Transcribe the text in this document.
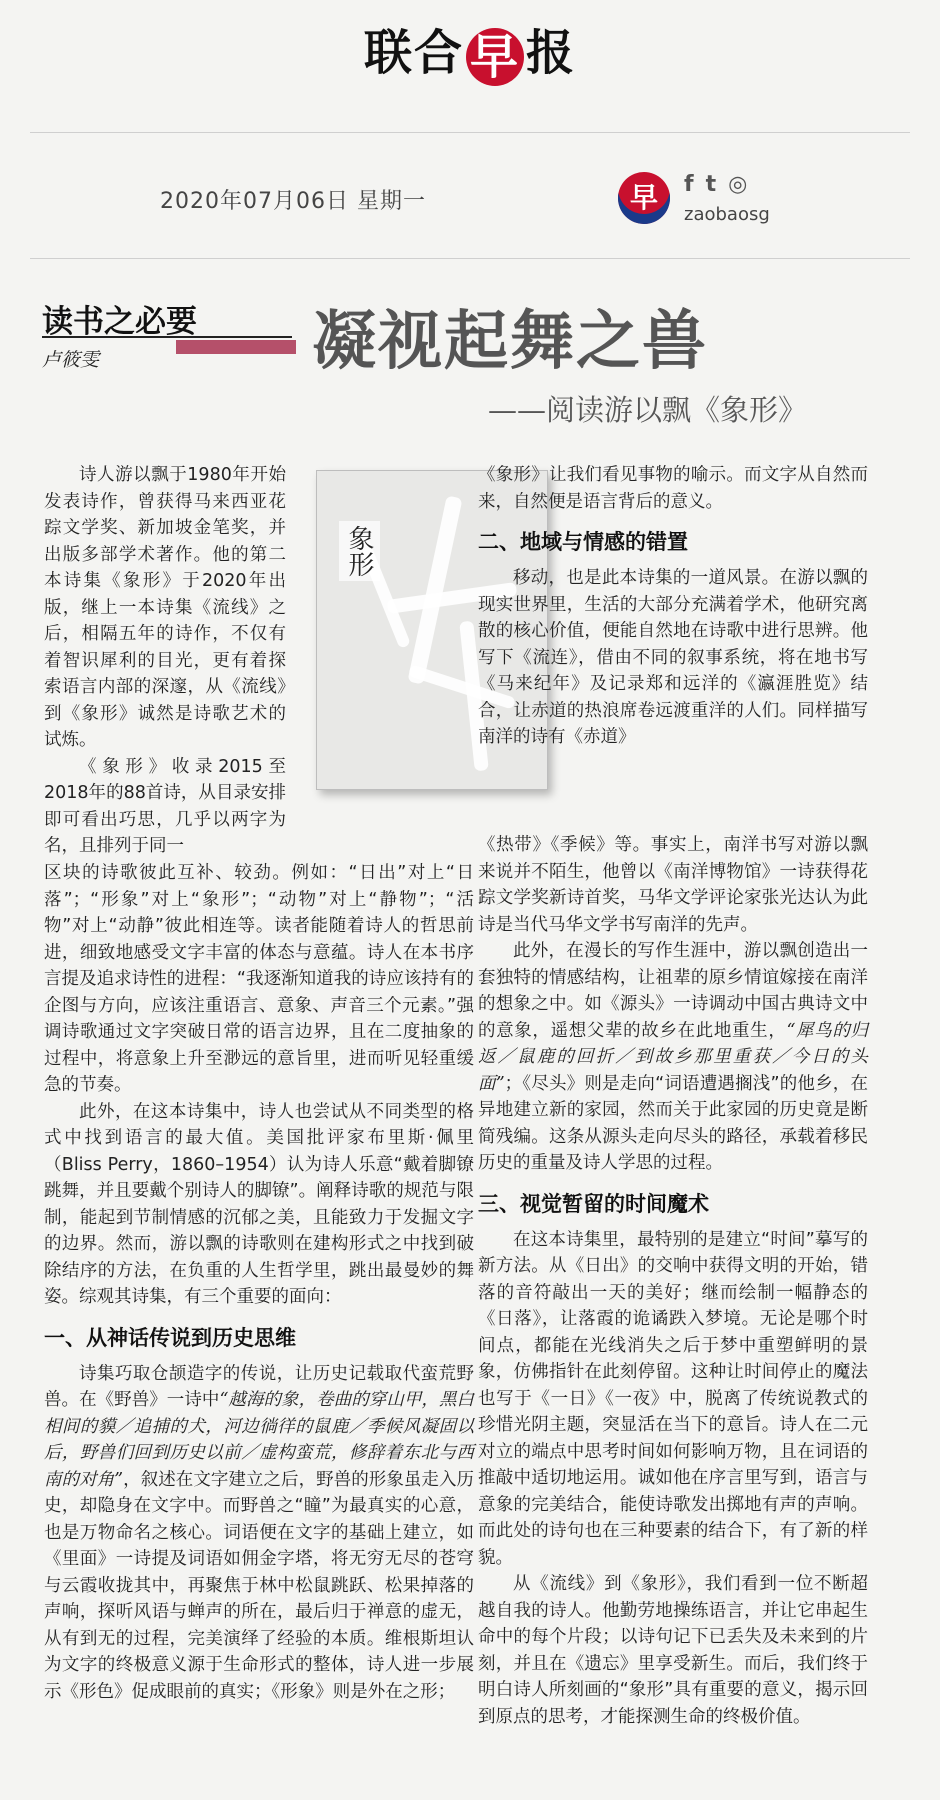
联合 早 报
2020年07月06日 星期一	早	f t ◎
zaobaosg
读书之必要
卢筱雯	凝视起舞之兽
——阅读游以飘《象形》
象形

诗人游以飘于1980年开始发表诗作，曾获得马来西亚花踪文学奖、新加坡金笔奖，并出版多部学术著作。他的第二本诗集《象形》于2020年出版，继上一本诗集《流线》之后，相隔五年的诗作，不仅有着智识犀利的目光，更有着探索语言内部的深邃，从《流线》到《象形》诚然是诗歌艺术的试炼。

《象形》收录2015至2018年的88首诗，从目录安排即可看出巧思，几乎以两字为名，且排列于同一

区块的诗歌彼此互补、较劲。例如：“日出”对上“日落”；“形象”对上“象形”；“动物”对上“静物”；“活物”对上“动静”彼此相连等。读者能随着诗人的哲思前进，细致地感受文字丰富的体态与意蕴。诗人在本书序言提及追求诗性的进程：“我逐渐知道我的诗应该持有的企图与方向，应该注重语言、意象、声音三个元素。”强调诗歌通过文字突破日常的语言边界，且在二度抽象的过程中，将意象上升至渺远的意旨里，进而听见轻重缓急的节奏。

此外，在这本诗集中，诗人也尝试从不同类型的格式中找到语言的最大值。美国批评家布里斯·佩里（Bliss Perry，1860–1954）认为诗人乐意“戴着脚镣跳舞，并且要戴个别诗人的脚镣”。阐释诗歌的规范与限制，能起到节制情感的沉郁之美，且能致力于发掘文字的边界。然而，游以飘的诗歌则在建构形式之中找到破除结序的方法，在负重的人生哲学里，跳出最曼妙的舞姿。综观其诗集，有三个重要的面向：

一、从神话传说到历史思维

诗集巧取仓颉造字的传说，让历史记载取代蛮荒野兽。在《野兽》一诗中“越海的象，卷曲的穿山甲，黑白相间的貘／追捕的犬，河边徜徉的鼠鹿／季候风凝固以后，野兽们回到历史以前／虚构蛮荒，修辞着东北与西南的对角”，叙述在文字建立之后，野兽的形象虽走入历史，却隐身在文字中。而野兽之“瞳”为最真实的心意，也是万物命名之核心。词语便在文字的基础上建立，如《里面》一诗提及词语如佣金字塔，将无穷无尽的苍穹与云霞收拢其中，再聚焦于林中松鼠跳跃、松果掉落的声响，探听风语与蝉声的所在，最后归于禅意的虚无，从有到无的过程，完美演绎了经验的本质。维根斯坦认为文字的终极意义源于生命形式的整体，诗人进一步展示《形色》促成眼前的真实；《形象》则是外在之形；

《象形》让我们看见事物的喻示。而文字从自然而来，自然便是语言背后的意义。

二、地域与情感的错置

移动，也是此本诗集的一道风景。在游以飘的现实世界里，生活的大部分充满着学术，他研究离散的核心价值，便能自然地在诗歌中进行思辨。他写下《流连》，借由不同的叙事系统，将在地书写《马来纪年》及记录郑和远洋的《瀛涯胜览》结合，让赤道的热浪席卷远渡重洋的人们。同样描写南洋的诗有《赤道》

《热带》《季候》等。事实上，南洋书写对游以飘来说并不陌生，他曾以《南洋博物馆》一诗获得花踪文学奖新诗首奖，马华文学评论家张光达认为此诗是当代马华文学书写南洋的先声。

此外，在漫长的写作生涯中，游以飘创造出一套独特的情感结构，让祖辈的原乡情谊嫁接在南洋的想象之中。如《源头》一诗调动中国古典诗文中的意象，遥想父辈的故乡在此地重生，“犀鸟的归返／鼠鹿的回折／到故乡那里重获／今日的头面”；《尽头》则是走向“词语遭遇搁浅”的他乡，在异地建立新的家园，然而关于此家园的历史竟是断简残编。这条从源头走向尽头的路径，承载着移民历史的重量及诗人学思的过程。

三、视觉暂留的时间魔术

在这本诗集里，最特别的是建立“时间”摹写的新方法。从《日出》的交响中获得文明的开始，错落的音符敲出一天的美好；继而绘制一幅静态的《日落》，让落霞的诡谲跌入梦境。无论是哪个时间点，都能在光线消失之后于梦中重塑鲜明的景象，仿佛指针在此刻停留。这种让时间停止的魔法也写于《一日》《一夜》中，脱离了传统说教式的珍惜光阴主题，突显活在当下的意旨。诗人在二元对立的端点中思考时间如何影响万物，且在词语的推敲中适切地运用。诚如他在序言里写到，语言与意象的完美结合，能使诗歌发出掷地有声的声响。而此处的诗句也在三种要素的结合下，有了新的样貌。

从《流线》到《象形》，我们看到一位不断超越自我的诗人。他勤劳地操练语言，并让它串起生命中的每个片段；以诗句记下已丢失及未来到的片刻，并且在《遗忘》里享受新生。而后，我们终于明白诗人所刻画的“象形”具有重要的意义，揭示回到原点的思考，才能探测生命的终极价值。
